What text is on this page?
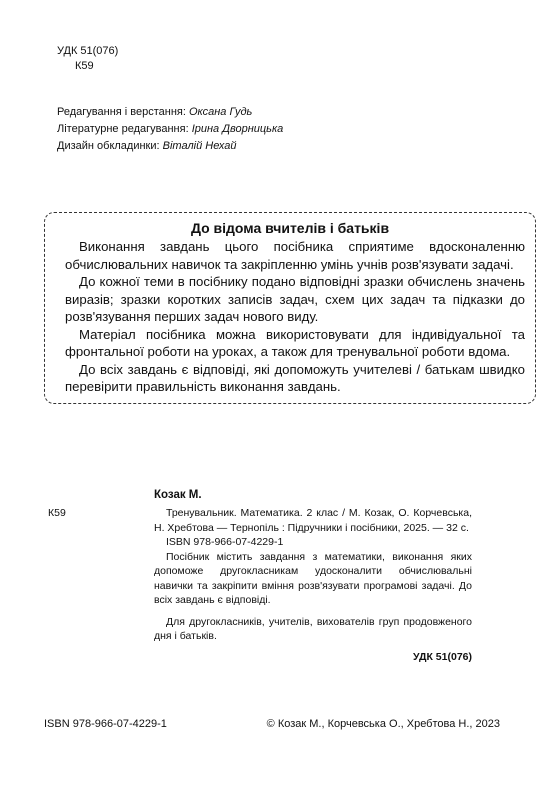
УДК 51(076)
К59
Редагування і верстання: Оксана Гудь
Літературне редагування: Ірина Дворницька
Дизайн обкладинки: Віталій Нехай
До відома вчителів і батьків

Виконання завдань цього посібника сприятиме вдосконаленню обчислювальних навичок та закріпленню умінь учнів розв'язувати задачі.

До кожної теми в посібнику подано відповідні зразки обчислень значень виразів; зразки коротких записів задач, схем цих задач та підказки до розв'язування перших задач нового виду.

Матеріал посібника можна використовувати для індивідуальної та фронтальної роботи на уроках, а також для тренувальної роботи вдома.

До всіх завдань є відповіді, які допоможуть учителеві / батькам швидко перевірити правильність виконання завдань.

Козак М.
К59	Тренувальник. Математика. 2 клас / М. Козак, О. Корчевська, Н. Хребтова — Тернопіль : Підручники і посібники, 2025. — 32 с.

ISBN 978-966-07-4229-1

Посібник містить завдання з математики, виконання яких допоможе другокласникам удосконалити обчислювальні навички та закріпити вміння розв'язувати програмові задачі. До всіх завдань є відповіді.

Для другокласників, учителів, вихователів груп продовженого дня і батьків.

УДК 51(076)
ISBN 978-966-07-4229-1	© Козак М., Корчевська О., Хребтова Н., 2023
